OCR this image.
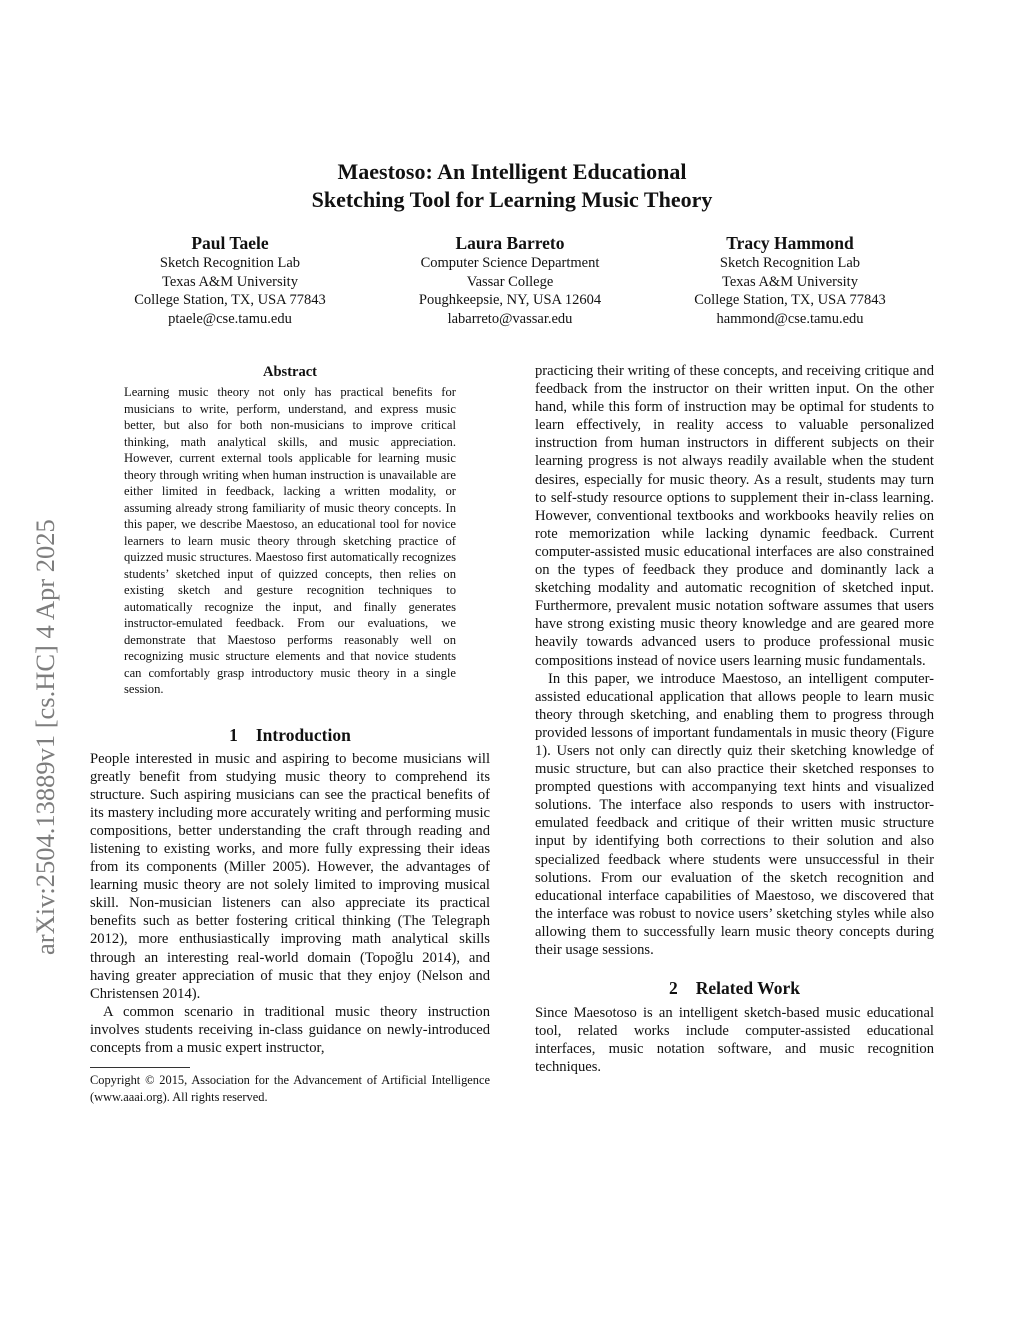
arXiv:2504.13889v1 [cs.HC] 4 Apr 2025
Maestoso: An Intelligent Educational
Sketching Tool for Learning Music Theory
Paul Taele
Sketch Recognition Lab
Texas A&M University
College Station, TX, USA 77843
ptaele@cse.tamu.edu
Laura Barreto
Computer Science Department
Vassar College
Poughkeepsie, NY, USA 12604
labarreto@vassar.edu
Tracy Hammond
Sketch Recognition Lab
Texas A&M University
College Station, TX, USA 77843
hammond@cse.tamu.edu
Abstract

Learning music theory not only has practical benefits for musicians to write, perform, understand, and express music better, but also for both non-musicians to improve critical thinking, math analytical skills, and music appreciation. However, current external tools applicable for learning music theory through writing when human instruction is unavailable are either limited in feedback, lacking a written modality, or assuming already strong familiarity of music theory concepts. In this paper, we describe Maestoso, an educational tool for novice learners to learn music theory through sketching practice of quizzed music structures. Maestoso first automatically recognizes students’ sketched input of quizzed concepts, then relies on existing sketch and gesture recognition techniques to automatically recognize the input, and finally generates instructor-emulated feedback. From our evaluations, we demonstrate that Maestoso performs reasonably well on recognizing music structure elements and that novice students can comfortably grasp introductory music theory in a single session.

1 Introduction

People interested in music and aspiring to become musicians will greatly benefit from studying music theory to comprehend its structure. Such aspiring musicians can see the practical benefits of its mastery including more accurately writing and performing music compositions, better understanding the craft through reading and listening to existing works, and more fully expressing their ideas from its components (Miller 2005). However, the advantages of learning music theory are not solely limited to improving musical skill. Non-musician listeners can also appreciate its practical benefits such as better fostering critical thinking (The Telegraph 2012), more enthusiastically improving math analytical skills through an interesting real-world domain (Topoğlu 2014), and having greater appreciation of music that they enjoy (Nelson and Christensen 2014).

A common scenario in traditional music theory instruction involves students receiving in-class guidance on newly-introduced concepts from a music expert instructor,

Copyright © 2015, Association for the Advancement of Artificial Intelligence (www.aaai.org). All rights reserved.

practicing their writing of these concepts, and receiving critique and feedback from the instructor on their written input. On the other hand, while this form of instruction may be optimal for students to learn effectively, in reality access to valuable personalized instruction from human instructors in different subjects on their learning progress is not always readily available when the student desires, especially for music theory. As a result, students may turn to self-study resource options to supplement their in-class learning. However, conventional textbooks and workbooks heavily relies on rote memorization while lacking dynamic feedback. Current computer-assisted music educational interfaces are also constrained on the types of feedback they produce and dominantly lack a sketching modality and automatic recognition of sketched input. Furthermore, prevalent music notation software assumes that users have strong existing music theory knowledge and are geared more heavily towards advanced users to produce professional music compositions instead of novice users learning music fundamentals.

In this paper, we introduce Maestoso, an intelligent computer-assisted educational application that allows people to learn music theory through sketching, and enabling them to progress through provided lessons of important fundamentals in music theory (Figure 1). Users not only can directly quiz their sketching knowledge of music structure, but can also practice their sketched responses to prompted questions with accompanying text hints and visualized solutions. The interface also responds to users with instructor-emulated feedback and critique of their written music structure input by identifying both corrections to their solution and also specialized feedback where students were unsuccessful in their solutions. From our evaluation of the sketch recognition and educational interface capabilities of Maestoso, we discovered that the interface was robust to novice users’ sketching styles while also allowing them to successfully learn music theory concepts during their usage sessions.

2 Related Work

Since Maesotoso is an intelligent sketch-based music educational tool, related works include computer-assisted educational interfaces, music notation software, and music recognition techniques.
